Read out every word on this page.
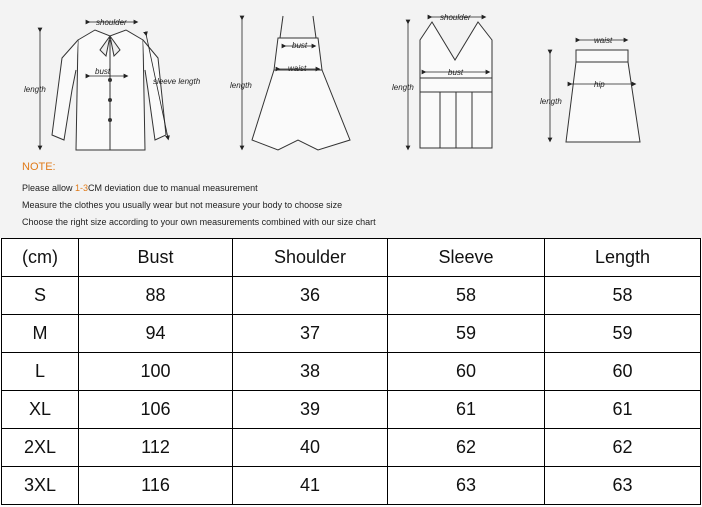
shoulder
bust
length
sleeve length
bust
waist
length
shoulder
bust
length
waist
hip
length
NOTE:
Please allow 1-3CM deviation due to manual measurement
Measure the clothes you usually wear but not measure your body to choose size
Choose the right size according to your own measurements combined with our size chart
(cm)	Bust	Shoulder	Sleeve	Length
S	88	36	58	58
M	94	37	59	59
L	100	38	60	60
XL	106	39	61	61
2XL	112	40	62	62
3XL	116	41	63	63
